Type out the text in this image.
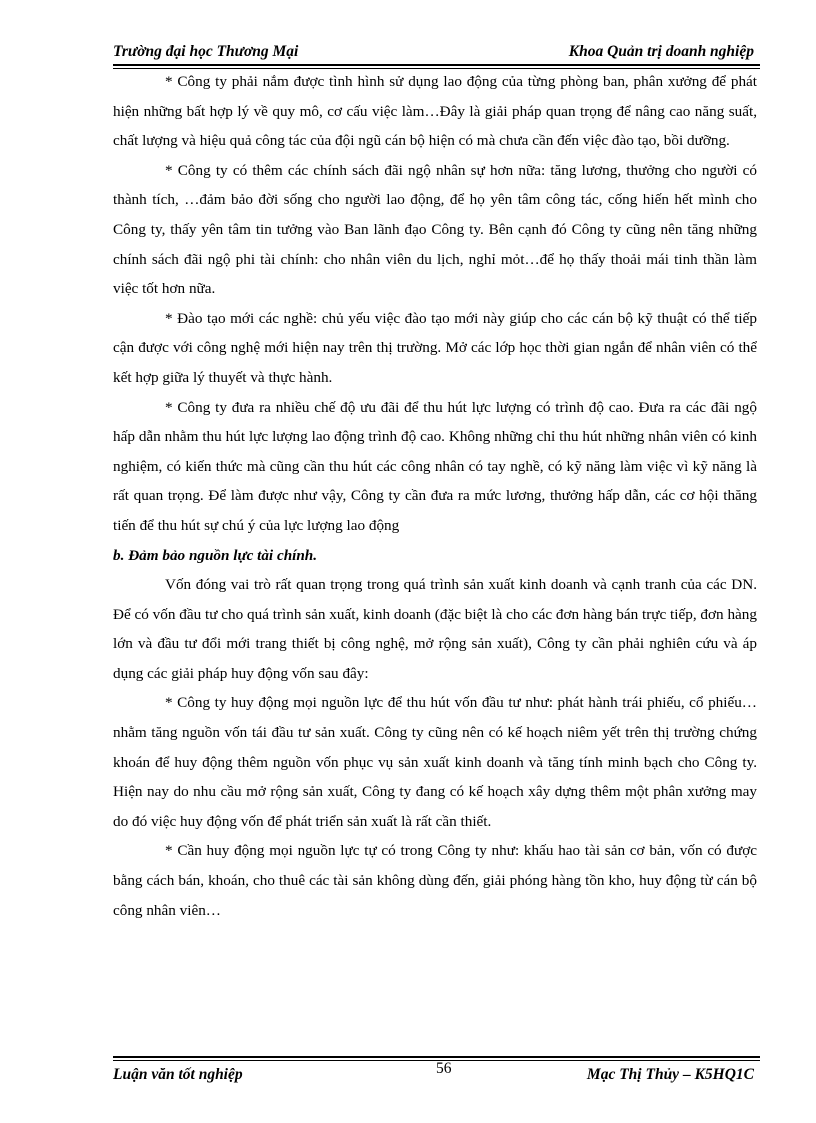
Trường đại học Thương Mại	Khoa Quản trị doanh nghiệp

* Công ty phải nắm được tình hình sử dụng lao động của từng phòng ban, phân xưởng để phát hiện những bất hợp lý về quy mô, cơ cấu việc làm…Đây là giải pháp quan trọng để nâng cao năng suất, chất lượng và hiệu quả công tác của đội ngũ cán bộ hiện có mà chưa cần đến việc đào tạo, bồi dưỡng.

* Công ty có thêm các chính sách đãi ngộ nhân sự hơn nữa: tăng lương, thưởng cho người có thành tích, …đảm bảo đời sống cho người lao động, để họ yên tâm công tác, cống hiến hết mình cho Công ty, thấy yên tâm tin tưởng vào Ban lãnh đạo Công ty. Bên cạnh đó Công ty cũng nên tăng những chính sách đãi ngộ phi tài chính: cho nhân viên du lịch, nghỉ mỏt…để họ thấy thoải mái tinh thần làm việc tốt hơn nữa.

* Đào tạo mới các nghề: chủ yếu việc đào tạo mới này giúp cho các cán bộ kỹ thuật có thể tiếp cận được với công nghệ mới hiện nay trên thị trường. Mở các lớp học thời gian ngắn để nhân viên có thể kết hợp giữa lý thuyết và thực hành.

* Công ty đưa ra nhiều chế độ ưu đãi để thu hút lực lượng có trình độ cao. Đưa ra các đãi ngộ hấp dẫn nhằm thu hút lực lượng lao động trình độ cao. Không những chỉ thu hút những nhân viên có kinh nghiệm, có kiến thức mà cũng cần thu hút các công nhân có tay nghề, có kỹ năng làm việc vì kỹ năng là rất quan trọng. Để làm được như vậy, Công ty cần đưa ra mức lương, thưởng hấp dẫn, các cơ hội thăng tiến để thu hút sự chú ý của lực lượng lao động

b. Đảm bảo nguồn lực tài chính.

Vốn đóng vai trò rất quan trọng trong quá trình sản xuất kinh doanh và cạnh tranh của các DN. Để có vốn đầu tư cho quá trình sản xuất, kinh doanh (đặc biệt là cho các đơn hàng bán trực tiếp, đơn hàng lớn và đầu tư đổi mới trang thiết bị công nghệ, mở rộng sản xuất), Công ty cần phải nghiên cứu và áp dụng các giải pháp huy động vốn sau đây:

* Công ty huy động mọi nguồn lực để thu hút vốn đầu tư như: phát hành trái phiếu, cổ phiếu…nhằm tăng nguồn vốn tái đầu tư sản xuất. Công ty cũng nên có kế hoạch niêm yết trên thị trường chứng khoán để huy động thêm nguồn vốn phục vụ sản xuất kinh doanh và tăng tính minh bạch cho Công ty. Hiện nay do nhu cầu mở rộng sản xuất, Công ty đang có kế hoạch xây dựng thêm một phân xưởng may do đó việc huy động vốn để phát triển sản xuất là rất cần thiết.

* Cần huy động mọi nguồn lực tự có trong Công ty như: khấu hao tài sản cơ bản, vốn có được bằng cách bán, khoán, cho thuê các tài sản không dùng đến, giải phóng hàng tồn kho, huy động từ cán bộ công nhân viên…

Luận văn tốt nghiệp	56	Mạc Thị Thủy – K5HQ1C
